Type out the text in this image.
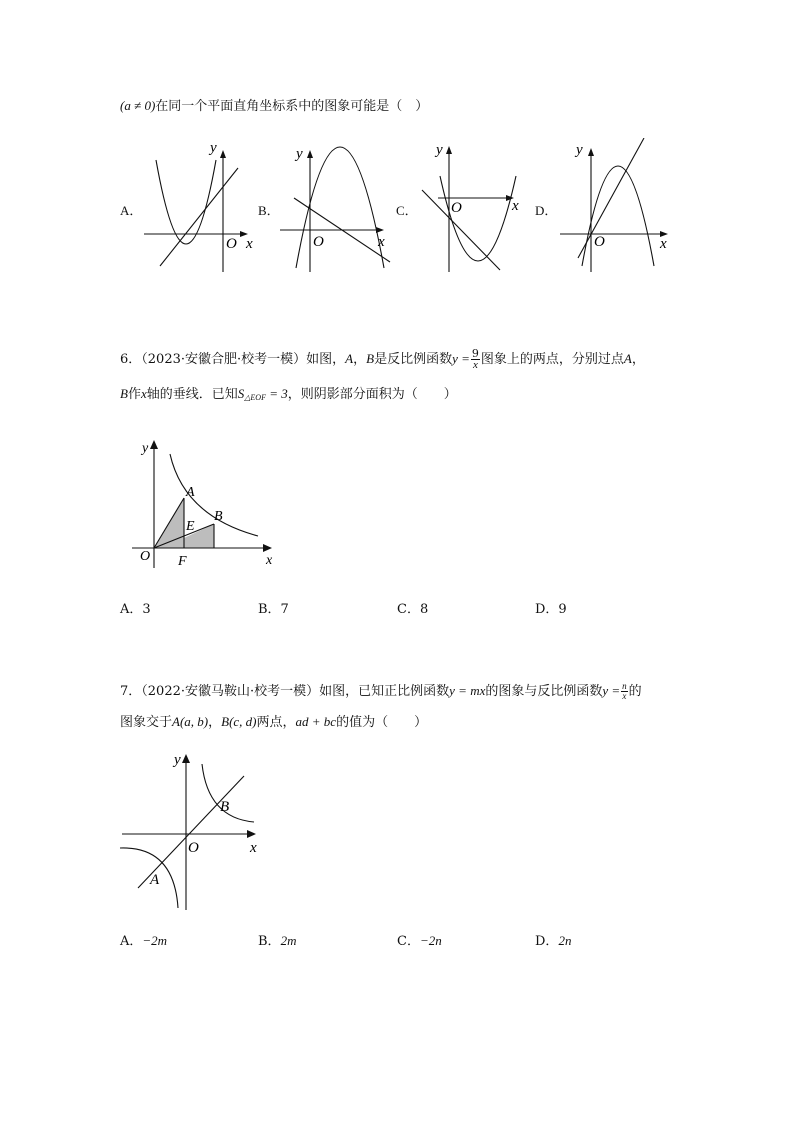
(a ≠ 0)在同一个平面直角坐标系中的图象可能是（　）
A．
y
x
O
B．
y
x
O
C．
y
x
O	D．
y
x
O
6．（2023·安徽合肥·校考一模）如图，A，B是反比例函数$y = \frac{9}{x}$ 图象上的两点，分别过点A，
B作x轴的垂线．已知$S_{\triangle EOF} = 3$，则阴影部分面积为（　　）
y
x
O
A
B
E
F
A．3	B．7	C．8	D．9
7．（2022·安徽马鞍山·校考一模）如图，已知正比例函数y = mx的图象与反比例函数$y = \frac{n}{x}$ 的
图象交于A(a, b)，B(c, d)两点，ad + bc的值为（　　）
y
x
O
B
A
A．−2m	B．2m	C．−2n	D．2n
